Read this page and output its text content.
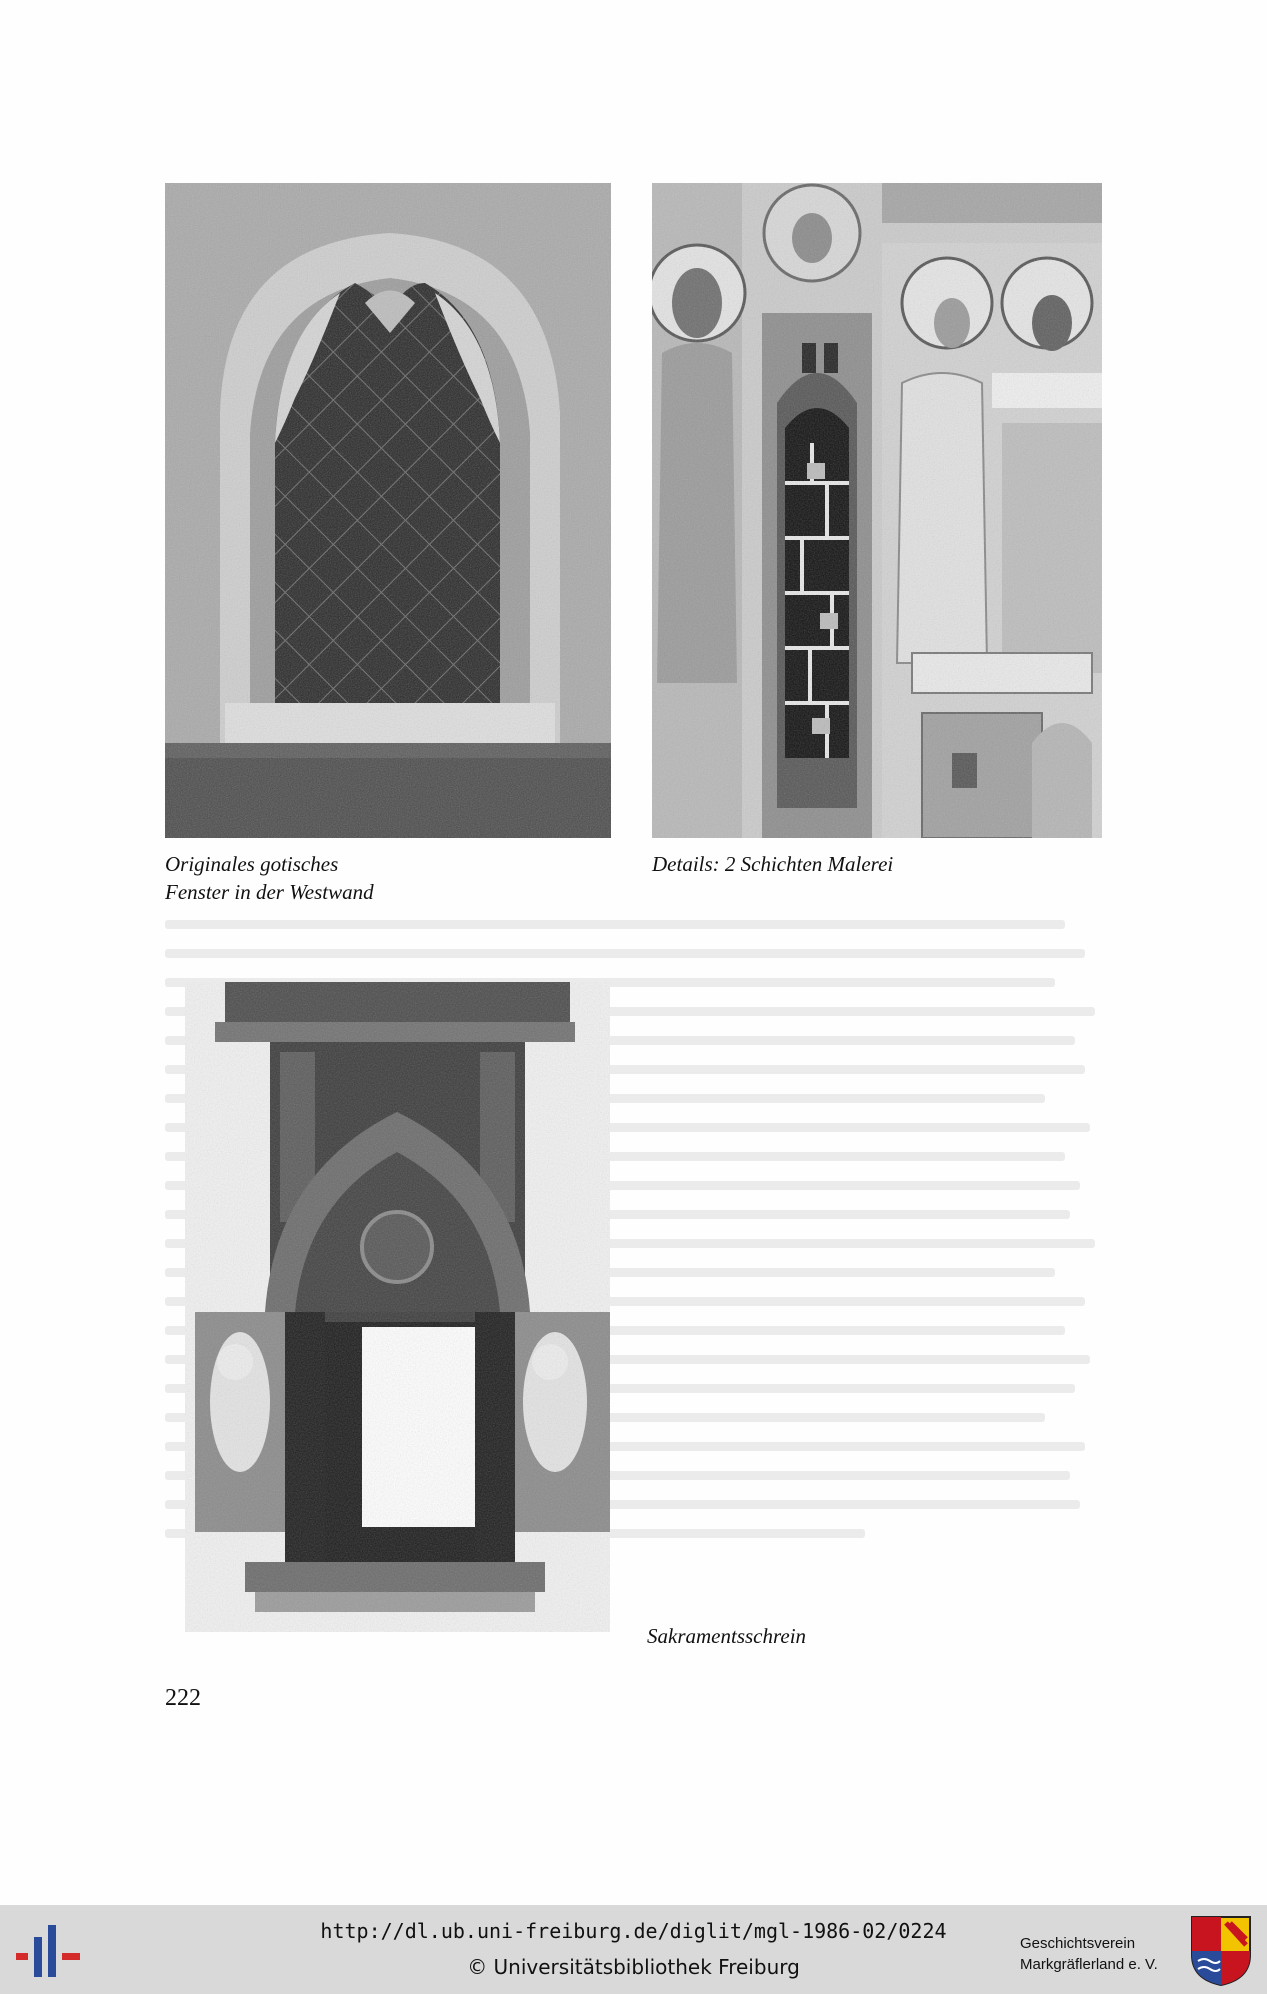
Originales gotisches
Fenster in der Westwand
Details: 2 Schichten Malerei
Sakramentsschrein
222
http://dl.ub.uni-freiburg.de/diglit/mgl-1986-02/0224
© Universitätsbibliothek Freiburg
Geschichtsverein
Markgräflerland e. V.
